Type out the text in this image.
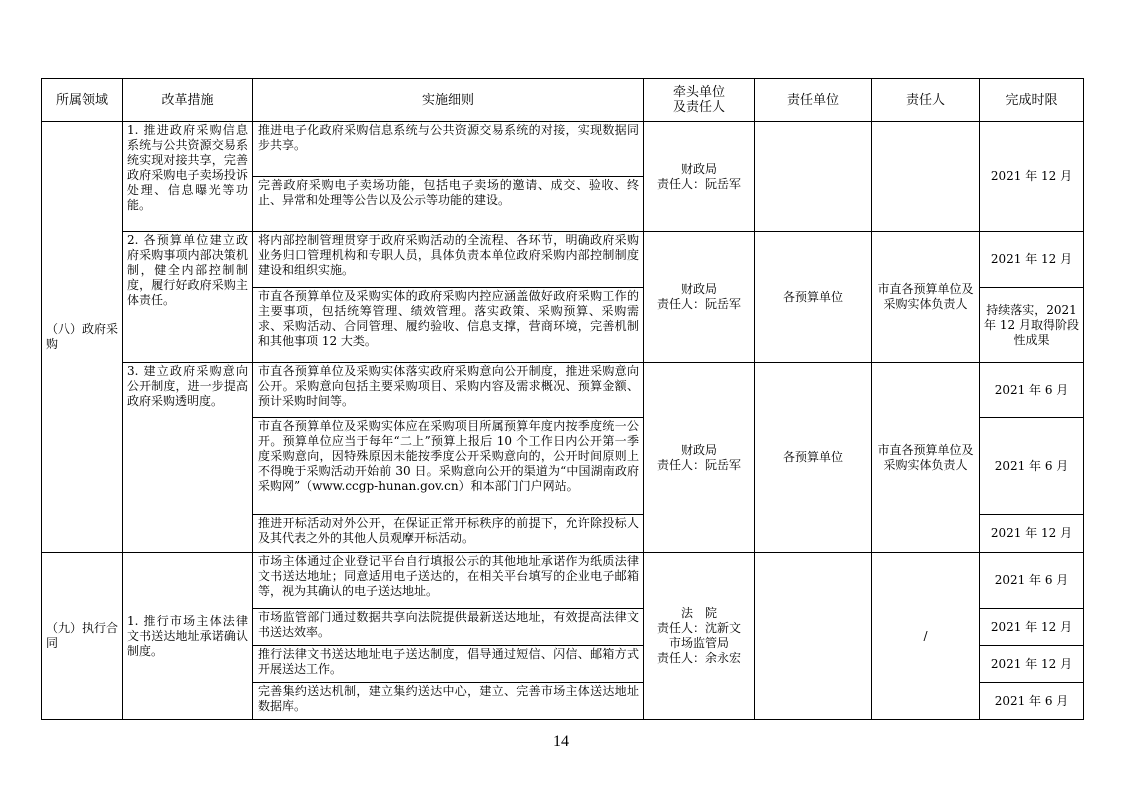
所属领域	改革措施	实施细则	牵头单位
及责任人	责任单位	责任人	完成时限
（八）政府采购	1. 推进政府采购信息系统与公共资源交易系统实现对接共享，完善政府采购电子卖场投诉处理、信息曝光等功能。	推进电子化政府采购信息系统与公共资源交易系统的对接，实现数据同步共享。	财政局
责任人：阮岳军			2021 年 12 月
		完善政府采购电子卖场功能，包括电子卖场的邀请、成交、验收、终止、异常和处理等公告以及公示等功能的建设。				
	2. 各预算单位建立政府采购事项内部决策机制，健全内部控制制度，履行好政府采购主体责任。	将内部控制管理贯穿于政府采购活动的全流程、各环节，明确政府采购业务归口管理机构和专职人员，具体负责本单位政府采购内部控制制度建设和组织实施。	财政局
责任人：阮岳军	各预算单位	市直各预算单位及采购实体负责人	2021 年 12 月
		市直各预算单位及采购实体的政府采购内控应涵盖做好政府采购工作的主要事项，包括统筹管理、绩效管理。落实政策、采购预算、采购需求、采购活动、合同管理、履约验收、信息支撑，营商环境，完善机制和其他事项 12 大类。				持续落实，2021 年 12 月取得阶段性成果
	3. 建立政府采购意向公开制度，进一步提高政府采购透明度。	市直各预算单位及采购实体落实政府采购意向公开制度，推进采购意向公开。采购意向包括主要采购项目、采购内容及需求概况、预算金额、预计采购时间等。	财政局
责任人：阮岳军	各预算单位	市直各预算单位及采购实体负责人	2021 年 6 月
		市直各预算单位及采购实体应在采购项目所属预算年度内按季度统一公开。预算单位应当于每年“二上”预算上报后 10 个工作日内公开第一季度采购意向，因特殊原因未能按季度公开采购意向的，公开时间原则上不得晚于采购活动开始前 30 日。采购意向公开的渠道为“中国湖南政府采购网”（www.ccgp-hunan.gov.cn）和本部门门户网站。				2021 年 6 月
		推进开标活动对外公开，在保证正常开标秩序的前提下，允许除投标人及其代表之外的其他人员观摩开标活动。				2021 年 12 月
（九）执行合同	1. 推行市场主体法律文书送达地址承诺确认制度。	市场主体通过企业登记平台自行填报公示的其他地址承诺作为纸质法律文书送达地址；同意适用电子送达的，在相关平台填写的企业电子邮箱等，视为其确认的电子送达地址。	法　院
责任人：沈新文
市场监管局
责任人：余永宏		/	2021 年 6 月
		市场监管部门通过数据共享向法院提供最新送达地址，有效提高法律文书送达效率。				2021 年 12 月
		推行法律文书送达地址电子送达制度，倡导通过短信、闪信、邮箱方式开展送达工作。				2021 年 12 月
		完善集约送达机制，建立集约送达中心，建立、完善市场主体送达地址数据库。				2021 年 6 月
14
